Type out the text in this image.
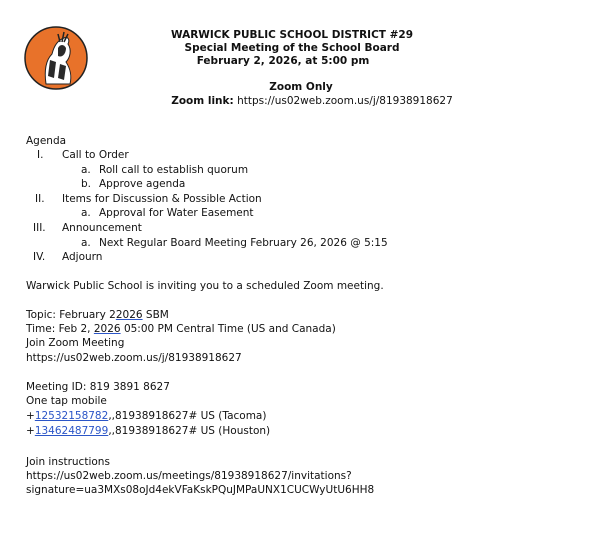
WARWICK PUBLIC SCHOOL DISTRICT #29
Special Meeting of the School Board
February 2, 2026, at 5:00 pm
Zoom Only
Zoom link: https://us02web.zoom.us/j/81938918627
Agenda
I. Call to Order
a. Roll call to establish quorum
b. Approve agenda
II. Items for Discussion & Possible Action
a. Approval for Water Easement
III. Announcement
a. Next Regular Board Meeting February 26, 2026 @ 5:15
IV. Adjourn
Warwick Public School is inviting you to a scheduled Zoom meeting.
Topic: February 22026 SBM
Time: Feb 2, 2026 05:00 PM Central Time (US and Canada)
Join Zoom Meeting
https://us02web.zoom.us/j/81938918627
Meeting ID: 819 3891 8627
One tap mobile
+12532158782,,81938918627# US (Tacoma)
+13462487799,,81938918627# US (Houston)
Join instructions
https://us02web.zoom.us/meetings/81938918627/invitations?
signature=ua3MXs08oJd4ekVFaKskPQuJMPaUNX1CUCWyUtU6HH8
